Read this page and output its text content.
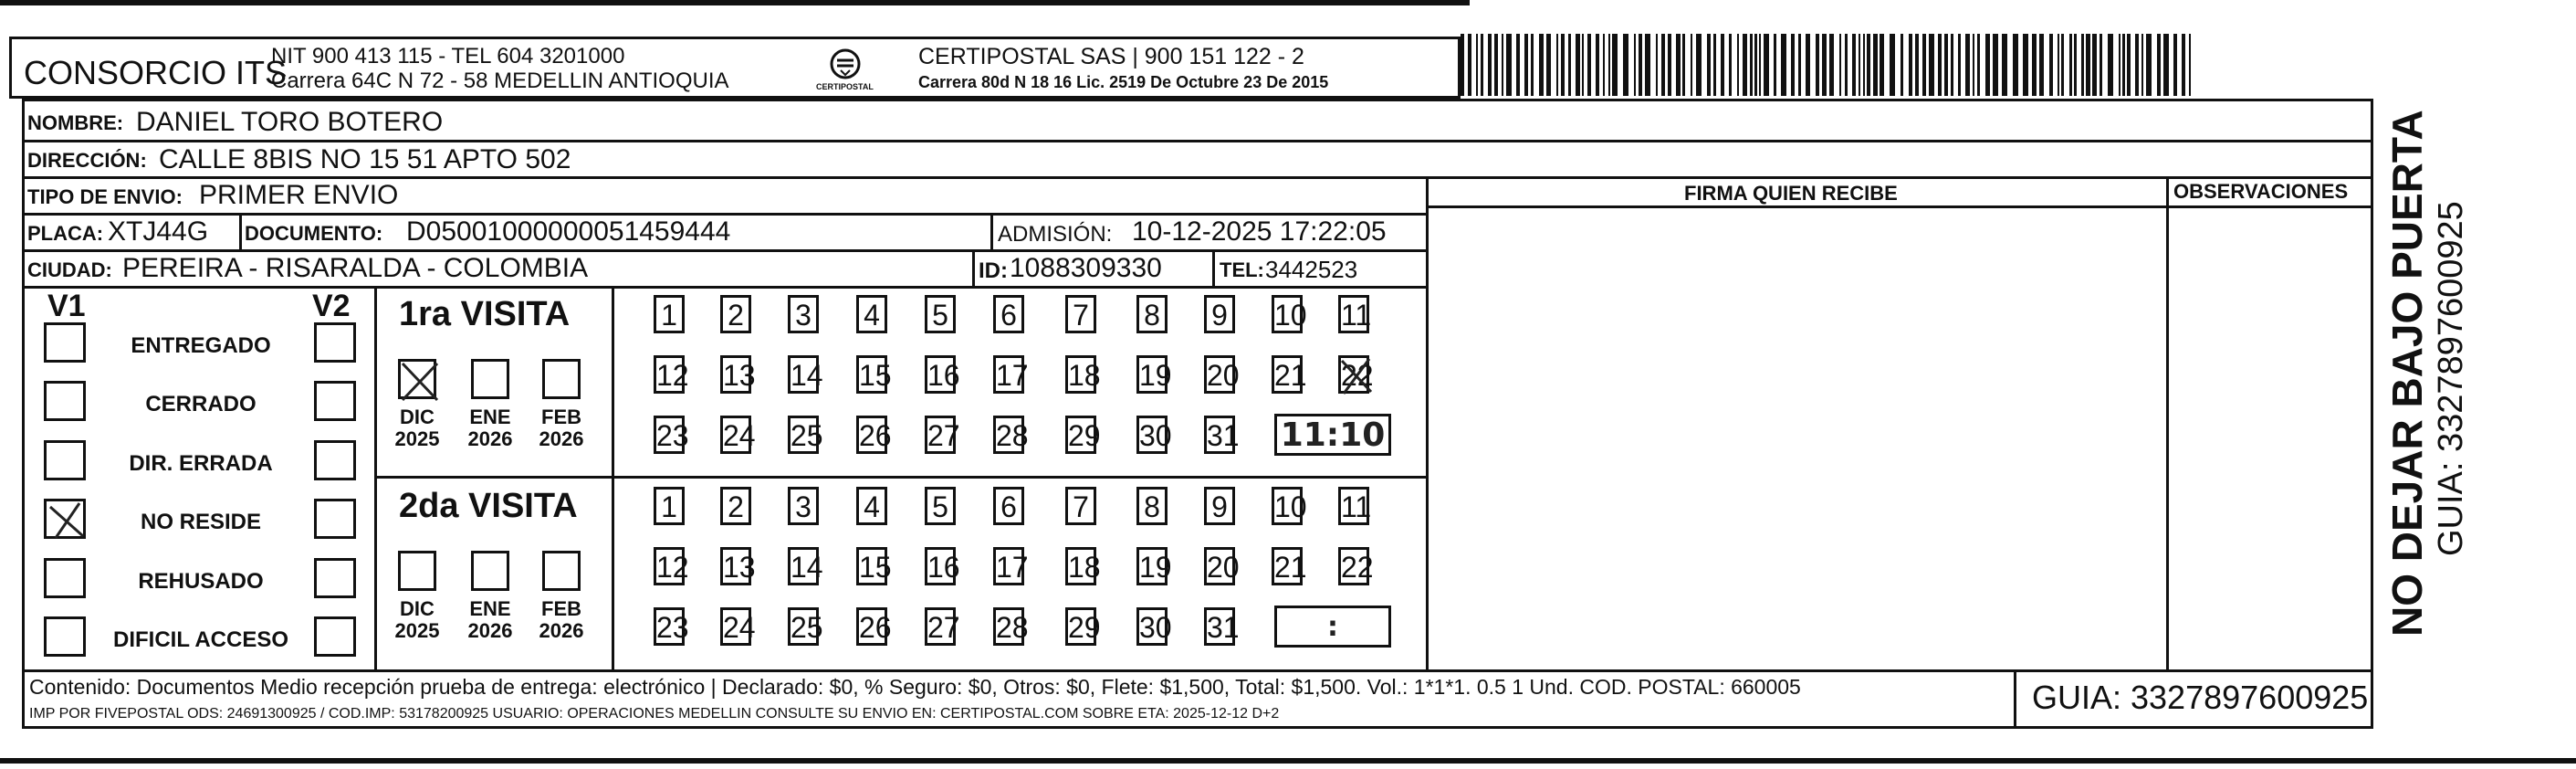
CONSORCIO ITS
NIT 900 413 115 - TEL 604 3201000
Carrera 64C N 72 - 58 MEDELLIN ANTIOQUIA	CERTIPOSTAL
CERTIPOSTAL SAS | 900 151 122 - 2
Carrera 80d N 18 16 Lic. 2519 De Octubre 23 De 2015
NOMBRE: DANIEL TORO BOTERO
DIRECCIÓN: CALLE 8BIS NO 15 51 APTO 502
TIPO DE ENVIO: PRIMER ENVIO
PLACA: XTJ44G DOCUMENTO: D05001000000051459444	ADMISIÓN: 10-12-2025 17:22:05
CIUDAD: PEREIRA - RISARALDA - COLOMBIA	ID: 1088309330	TEL: 3442523
FIRMA QUIEN RECIBE	OBSERVACIONES
V1	V2
ENTREGADO
CERRADO
DIR. ERRADA
NO RESIDE
REHUSADO
DIFICIL ACCESO
1ra VISITA
DIC
2025
ENE
2026
FEB
2026
1 2 3 4 5 6 7 8 9 10 11
12 13 14 15 16 17 18 19 20 21 22
23 24 25 26 27 28 29 30 31 11:10
2da VISITA
DIC
2025
ENE
2026
FEB
2026
1 2 3 4 5 6 7 8 9 10 11
12 13 14 15 16 17 18 19 20 21 22
23 24 25 26 27 28 29 30 31	:
Contenido: Documentos Medio recepción prueba de entrega: electrónico | Declarado: $0, % Seguro: $0, Otros: $0, Flete: $1,500, Total: $1,500. Vol.: 1*1*1. 0.5 1 Und. COD. POSTAL: 660005
IMP POR FIVEPOSTAL ODS: 24691300925 / COD.IMP: 53178200925 USUARIO: OPERACIONES MEDELLIN CONSULTE SU ENVIO EN: CERTIPOSTAL.COM SOBRE ETA: 2025-12-12 D+2	GUIA: 3327897600925
NO DEJAR BAJO PUERTA GUIA: 3327897600925
